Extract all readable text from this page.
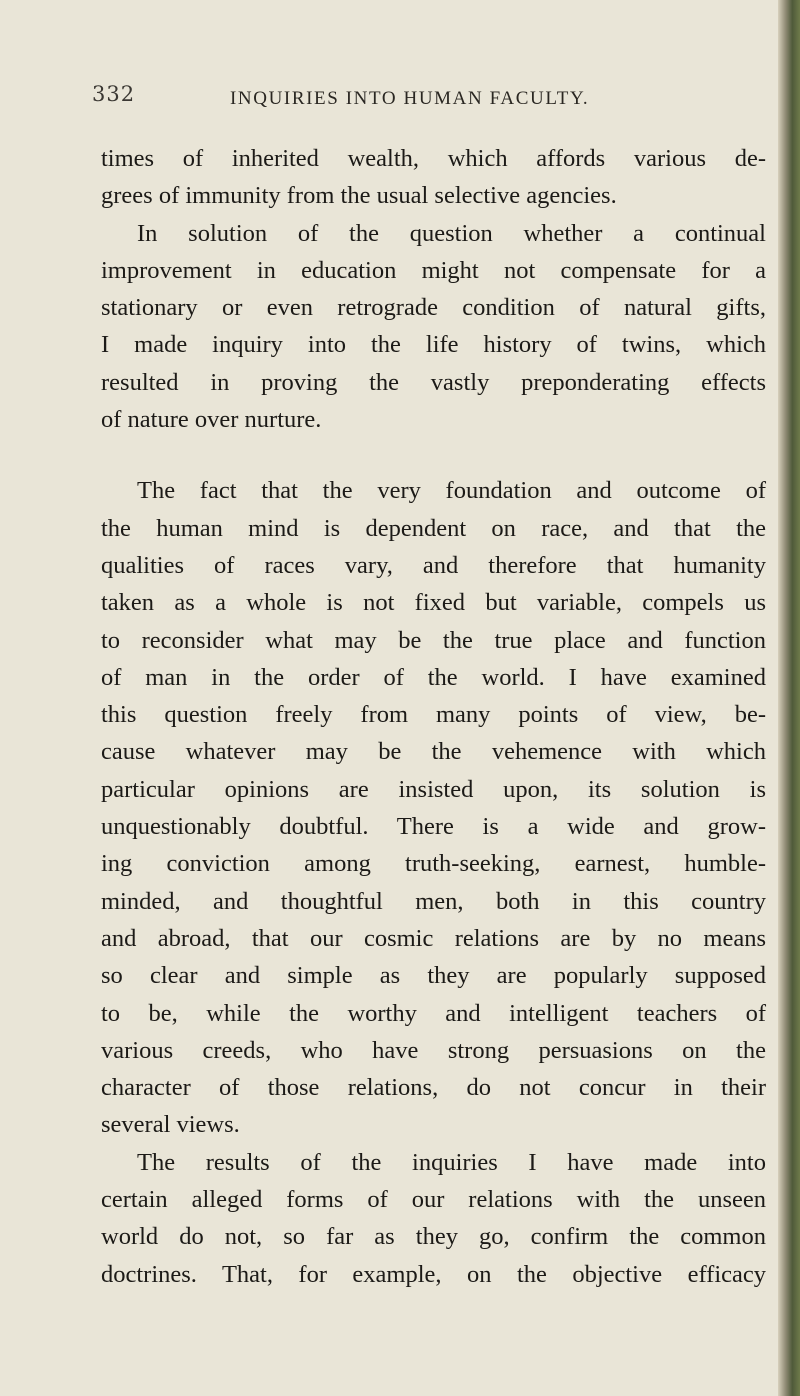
332	INQUIRIES INTO HUMAN FACULTY.
times of inherited wealth, which affords various de-
grees of immunity from the usual selective agencies.
In solution of the question whether a continual
improvement in education might not compensate for a
stationary or even retrograde condition of natural gifts,
I made inquiry into the life history of twins, which
resulted in proving the vastly preponderating effects
of nature over nurture.
The fact that the very foundation and outcome of
the human mind is dependent on race, and that the
qualities of races vary, and therefore that humanity
taken as a whole is not fixed but variable, compels us
to reconsider what may be the true place and function
of man in the order of the world. I have examined
this question freely from many points of view, be-
cause whatever may be the vehemence with which
particular opinions are insisted upon, its solution is
unquestionably doubtful. There is a wide and grow-
ing conviction among truth-seeking, earnest, humble-
minded, and thoughtful men, both in this country
and abroad, that our cosmic relations are by no means
so clear and simple as they are popularly supposed
to be, while the worthy and intelligent teachers of
various creeds, who have strong persuasions on the
character of those relations, do not concur in their
several views.
The results of the inquiries I have made into
certain alleged forms of our relations with the unseen
world do not, so far as they go, confirm the common
doctrines. That, for example, on the objective efficacy
